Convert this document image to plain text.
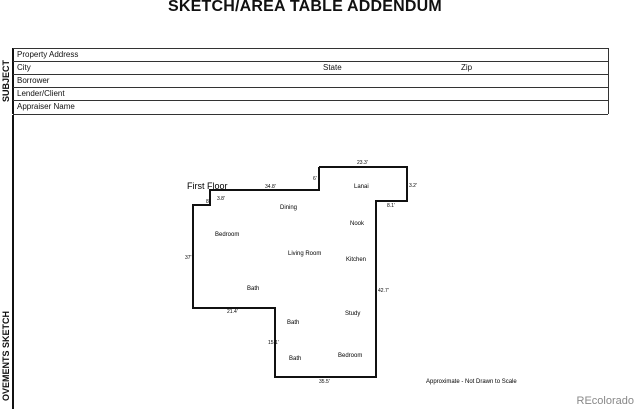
SKETCH/AREA TABLE ADDENDUM
SUBJECT
Property Address
City	State	Zip
Borrower
Lender/Client
Appraiser Name
OVEMENTS SKETCH
First Floor	Lanai
Dining
Nook
Bedroom
Living Room
Kitchen
Bath
Study
Bath
Bath	Bedroom
23.3'
34.8'
6'
3.2'
8' 3.8'
8.1'
37'
21.4'
42.7'
15.1'
35.5'	Approximate - Not Drawn to Scale
REcolorado
